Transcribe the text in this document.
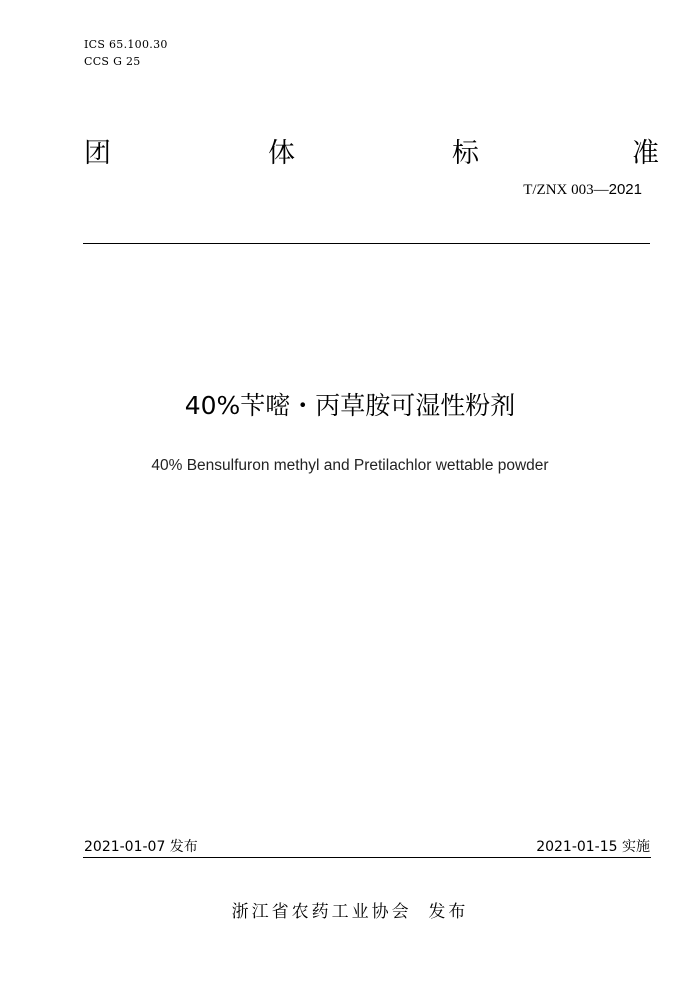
ICS 65.100.30
CCS G 25
团	体	标	准
T/ZNX 003—2021
40%苄嘧・丙草胺可湿性粉剂
40% Bensulfuron methyl and Pretilachlor wettable powder
2021-01-07 发布	2021-01-15 实施
浙江省农药工业协会  发布
